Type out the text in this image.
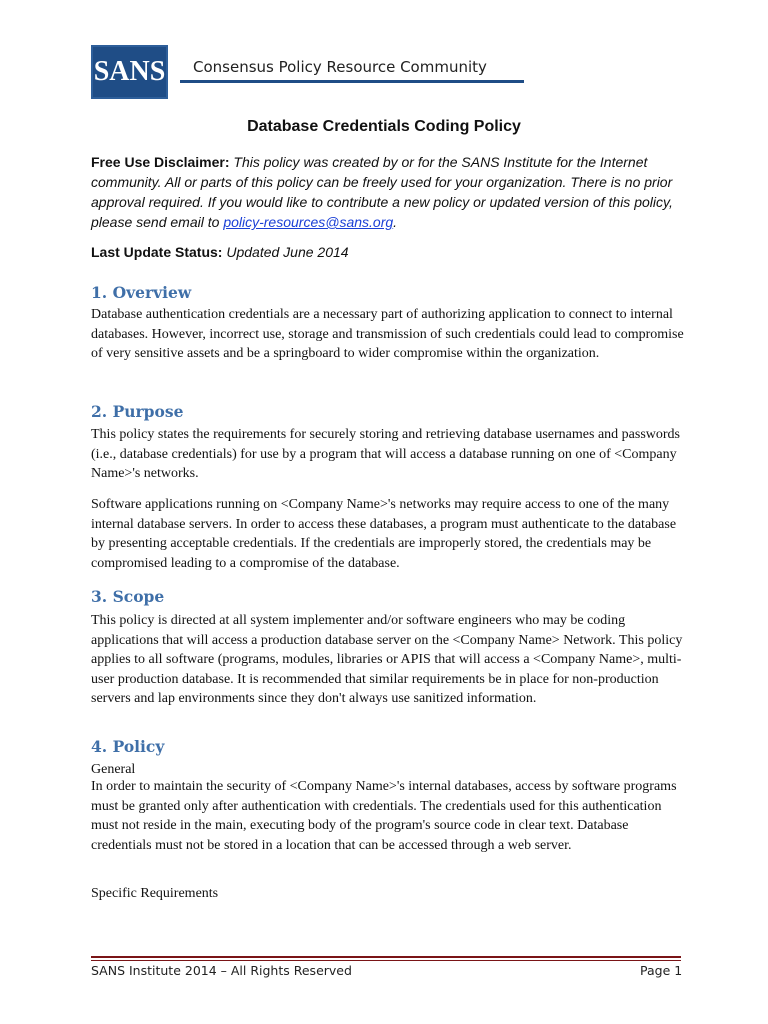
SANS Consensus Policy Resource Community
Database Credentials Coding Policy
Free Use Disclaimer: This policy was created by or for the SANS Institute for the Internet community. All or parts of this policy can be freely used for your organization. There is no prior approval required. If you would like to contribute a new policy or updated version of this policy, please send email to policy-resources@sans.org.
Last Update Status: Updated June 2014
1. Overview
Database authentication credentials are a necessary part of authorizing application to connect to internal databases. However, incorrect use, storage and transmission of such credentials could lead to compromise of very sensitive assets and be a springboard to wider compromise within the organization.
2. Purpose
This policy states the requirements for securely storing and retrieving database usernames and passwords (i.e., database credentials) for use by a program that will access a database running on one of <Company Name>'s networks.
Software applications running on <Company Name>'s networks may require access to one of the many internal database servers. In order to access these databases, a program must authenticate to the database by presenting acceptable credentials. If the credentials are improperly stored, the credentials may be compromised leading to a compromise of the database.
3. Scope
This policy is directed at all system implementer and/or software engineers who may be coding applications that will access a production database server on the <Company Name> Network. This policy applies to all software (programs, modules, libraries or APIS that will access a <Company Name>, multi-user production database. It is recommended that similar requirements be in place for non-production servers and lap environments since they don't always use sanitized information.
4. Policy
General
In order to maintain the security of <Company Name>'s internal databases, access by software programs must be granted only after authentication with credentials. The credentials used for this authentication must not reside in the main, executing body of the program's source code in clear text. Database credentials must not be stored in a location that can be accessed through a web server.
Specific Requirements
SANS Institute 2014 – All Rights Reserved	Page 1
